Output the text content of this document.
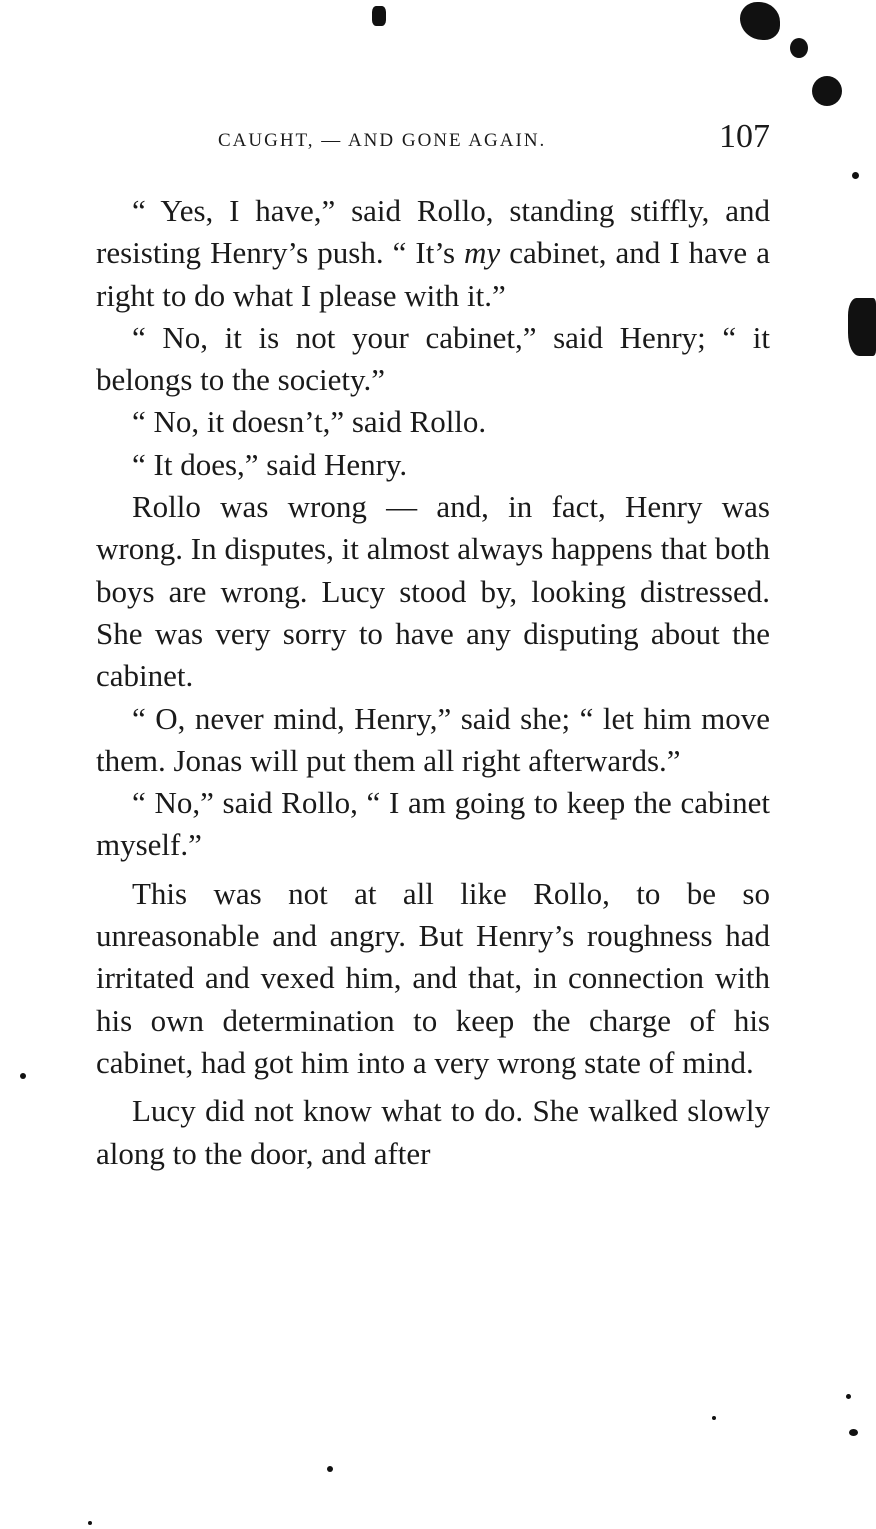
CAUGHT, — AND GONE AGAIN.	107

“ Yes, I have,” said Rollo, standing stiffly, and resisting Henry’s push. “ It’s my cabinet, and I have a right to do what I please with it.”

“ No, it is not your cabinet,” said Henry; “ it belongs to the society.”

“ No, it doesn’t,” said Rollo.

“ It does,” said Henry.

Rollo was wrong — and, in fact, Henry was wrong. In disputes, it almost always happens that both boys are wrong. Lucy stood by, looking distressed. She was very sorry to have any disputing about the cabinet.

“ O, never mind, Henry,” said she; “ let him move them. Jonas will put them all right afterwards.”

“ No,” said Rollo, “ I am going to keep the cabinet myself.”

This was not at all like Rollo, to be so unreasonable and angry. But Henry’s roughness had irritated and vexed him, and that, in connection with his own determination to keep the charge of his cabinet, had got him into a very wrong state of mind.

Lucy did not know what to do. She walked slowly along to the door, and after
